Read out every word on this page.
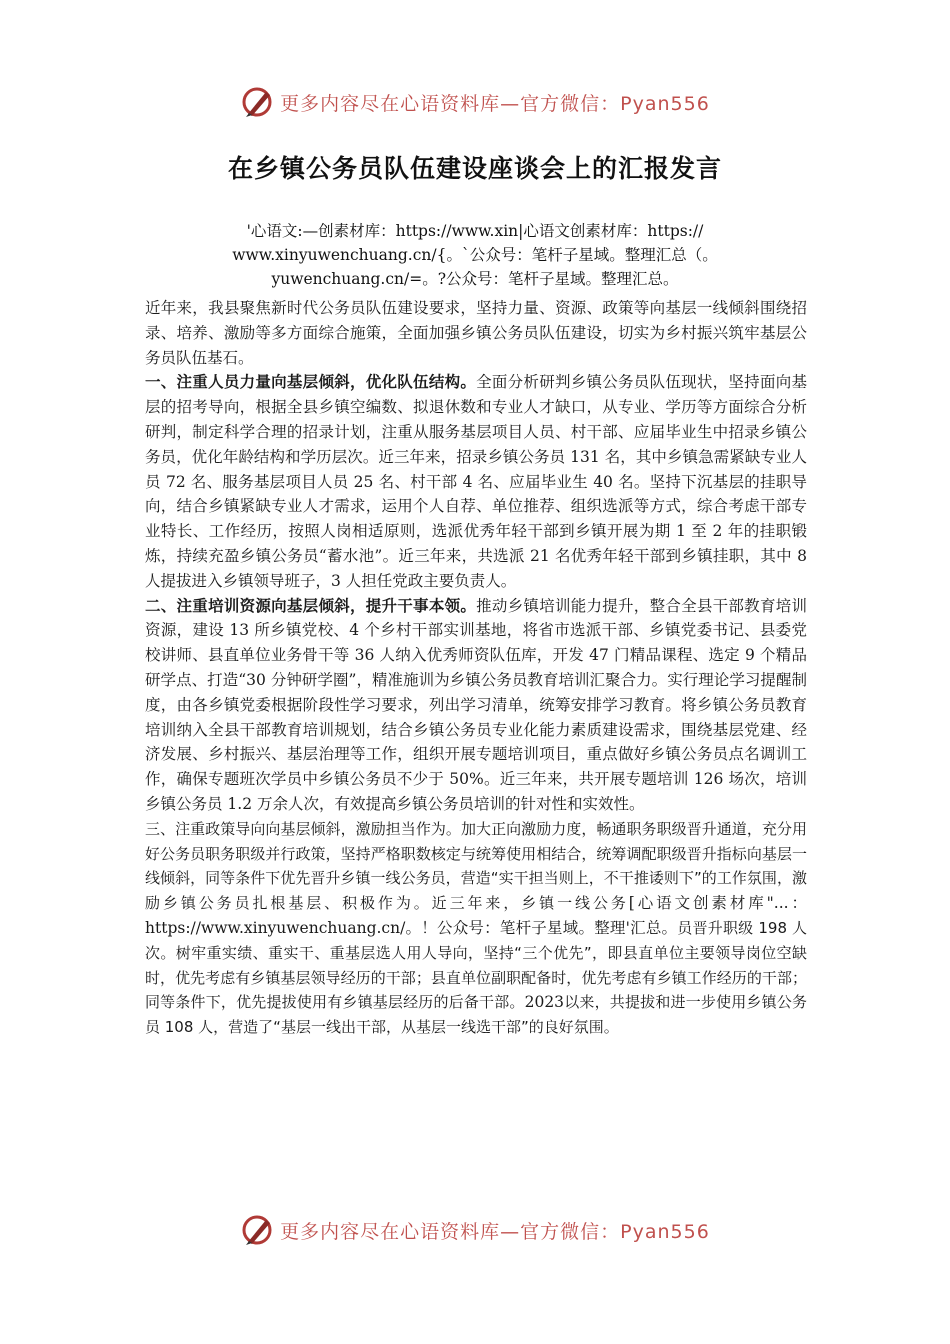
更多内容尽在心语资料库—官方微信：Pyan556
在乡镇公务员队伍建设座谈会上的汇报发言
'心语文:—创素材库：https://www.xin|心语文创素材库：https://
www.xinyuwenchuang.cn/{。`公众号：笔杆子星域。整理汇总（。
yuwenchuang.cn/=。?公众号：笔杆子星域。整理汇总。

近年来，我县聚焦新时代公务员队伍建设要求，坚持力量、资源、政策等向基层一线倾斜围绕招录、培养、激励等多方面综合施策，全面加强乡镇公务员队伍建设，切实为乡村振兴筑牢基层公务员队伍基石。

一、注重人员力量向基层倾斜，优化队伍结构。全面分析研判乡镇公务员队伍现状，坚持面向基层的招考导向，根据全县乡镇空编数、拟退休数和专业人才缺口，从专业、学历等方面综合分析研判，制定科学合理的招录计划，注重从服务基层项目人员、村干部、应届毕业生中招录乡镇公务员，优化年龄结构和学历层次。近三年来，招录乡镇公务员 131 名，其中乡镇急需紧缺专业人员 72 名、服务基层项目人员 25 名、村干部 4 名、应届毕业生 40 名。坚持下沉基层的挂职导向，结合乡镇紧缺专业人才需求，运用个人自荐、单位推荐、组织选派等方式，综合考虑干部专业特长、工作经历，按照人岗相适原则，选派优秀年轻干部到乡镇开展为期 1 至 2 年的挂职锻炼，持续充盈乡镇公务员“蓄水池”。近三年来，共选派 21 名优秀年轻干部到乡镇挂职，其中 8 人提拔进入乡镇领导班子，3 人担任党政主要负责人。

二、注重培训资源向基层倾斜，提升干事本领。推动乡镇培训能力提升，整合全县干部教育培训资源，建设 13 所乡镇党校、4 个乡村干部实训基地，将省市选派干部、乡镇党委书记、县委党校讲师、县直单位业务骨干等 36 人纳入优秀师资队伍库，开发 47 门精品课程、选定 9 个精品研学点、打造“30 分钟研学圈”，精准施训为乡镇公务员教育培训汇聚合力。实行理论学习提醒制度，由各乡镇党委根据阶段性学习要求，列出学习清单，统筹安排学习教育。将乡镇公务员教育培训纳入全县干部教育培训规划，结合乡镇公务员专业化能力素质建设需求，围绕基层党建、经济发展、乡村振兴、基层治理等工作，组织开展专题培训项目，重点做好乡镇公务员点名调训工作，确保专题班次学员中乡镇公务员不少于 50%。近三年来，共开展专题培训 126 场次，培训乡镇公务员 1.2 万余人次，有效提高乡镇公务员培训的针对性和实效性。

三、注重政策导向向基层倾斜，激励担当作为。加大正向激励力度，畅通职务职级晋升通道，充分用好公务员职务职级并行政策，坚持严格职数核定与统筹使用相结合，统筹调配职级晋升指标向基层一线倾斜，同等条件下优先晋升乡镇一线公务员，营造“实干担当则上，不干推诿则下”的工作氛围，激励乡镇公务员扎根基层、积极作为。近三年来，乡镇一线公务[心语文创素材库"...：https://www.xinyuwenchuang.cn/。！公众号：笔杆子星域。整理'汇总。员晋升职级 198 人次。树牢重实绩、重实干、重基层选人用人导向，坚持“三个优先”，即县直单位主要领导岗位空缺时，优先考虑有乡镇基层领导经历的干部；县直单位副职配备时，优先考虑有乡镇工作经历的干部；同等条件下，优先提拔使用有乡镇基层经历的后备干部。2023以来，共提拔和进一步使用乡镇公务员 108 人，营造了“基层一线出干部，从基层一线选干部”的良好氛围。

更多内容尽在心语资料库—官方微信：Pyan556
